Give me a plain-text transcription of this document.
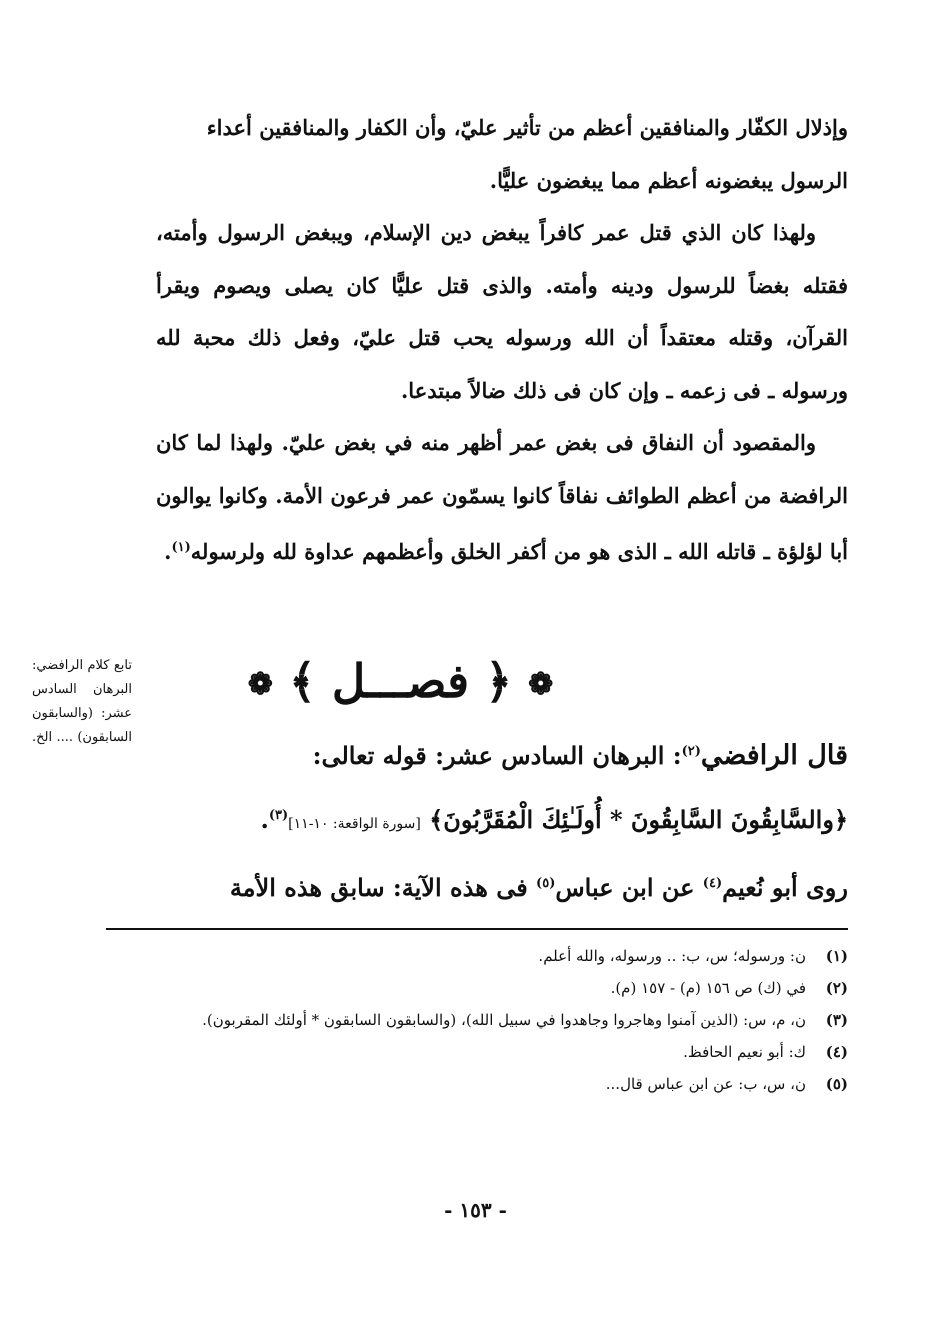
وإذلال الكفّار والمنافقين أعظم من تأثير عليّ، وأن الكفار والمنافقين أعداء

الرسول يبغضونه أعظم مما يبغضون عليًّا.

ولهذا كان الذي قتل عمر كافراً يبغض دين الإسلام، ويبغض الرسول وأمته، فقتله بغضاً للرسول ودينه وأمته. والذى قتل عليًّا كان يصلى ويصوم ويقرأ القرآن، وقتله معتقداً أن الله ورسوله يحب قتل عليّ، وفعل ذلك محبة لله ورسوله ـ فى زعمه ـ وإن كان فى ذلك ضالاً مبتدعا.

والمقصود أن النفاق فى بغض عمر أظهر منه في بغض عليّ. ولهذا لما كان الرافضة من أعظم الطوائف نفاقاً كانوا يسمّون عمر فرعون الأمة. وكانوا يوالون أبا لؤلؤة ـ قاتله الله ـ الذى هو من أكفر الخلق وأعظمهم عداوة لله ولرسوله$^{(١)}$.

❁ ﴿ فصـــل ﴾ ❁
تابع كلام الرافضي: البرهان السادس عشر: (والسابقون السابقون) .... الخ.
قال الرافضي$^{(٢)}$: البرهان السادس عشر: قوله تعالى:
﴿والسَّابِقُونَ السَّابِقُونَ * أُولَـٰئِكَ الْمُقَرَّبُونَ﴾ [سورة الواقعة: ١٠-١١]$^{(٣)}$.
روى أبو نُعيم$^{(٤)}$ عن ابن عباس$^{(٥)}$ فى هذه الآية: سابق هذه الأمة
(١)
ن: ورسوله؛ س، ب: .. ورسوله، والله أعلم.
(٢)
في (ك) ص ١٥٦ (م) - ١٥٧ (م).
(٣)
ن، م، س: (الذين آمنوا وهاجروا وجاهدوا في سبيل الله)، (والسابقون السابقون * أولئك المقربون).
(٤)
ك: أبو نعيم الحافظ.
(٥)
ن، س، ب: عن ابن عباس قال...
- ١٥٣ -
